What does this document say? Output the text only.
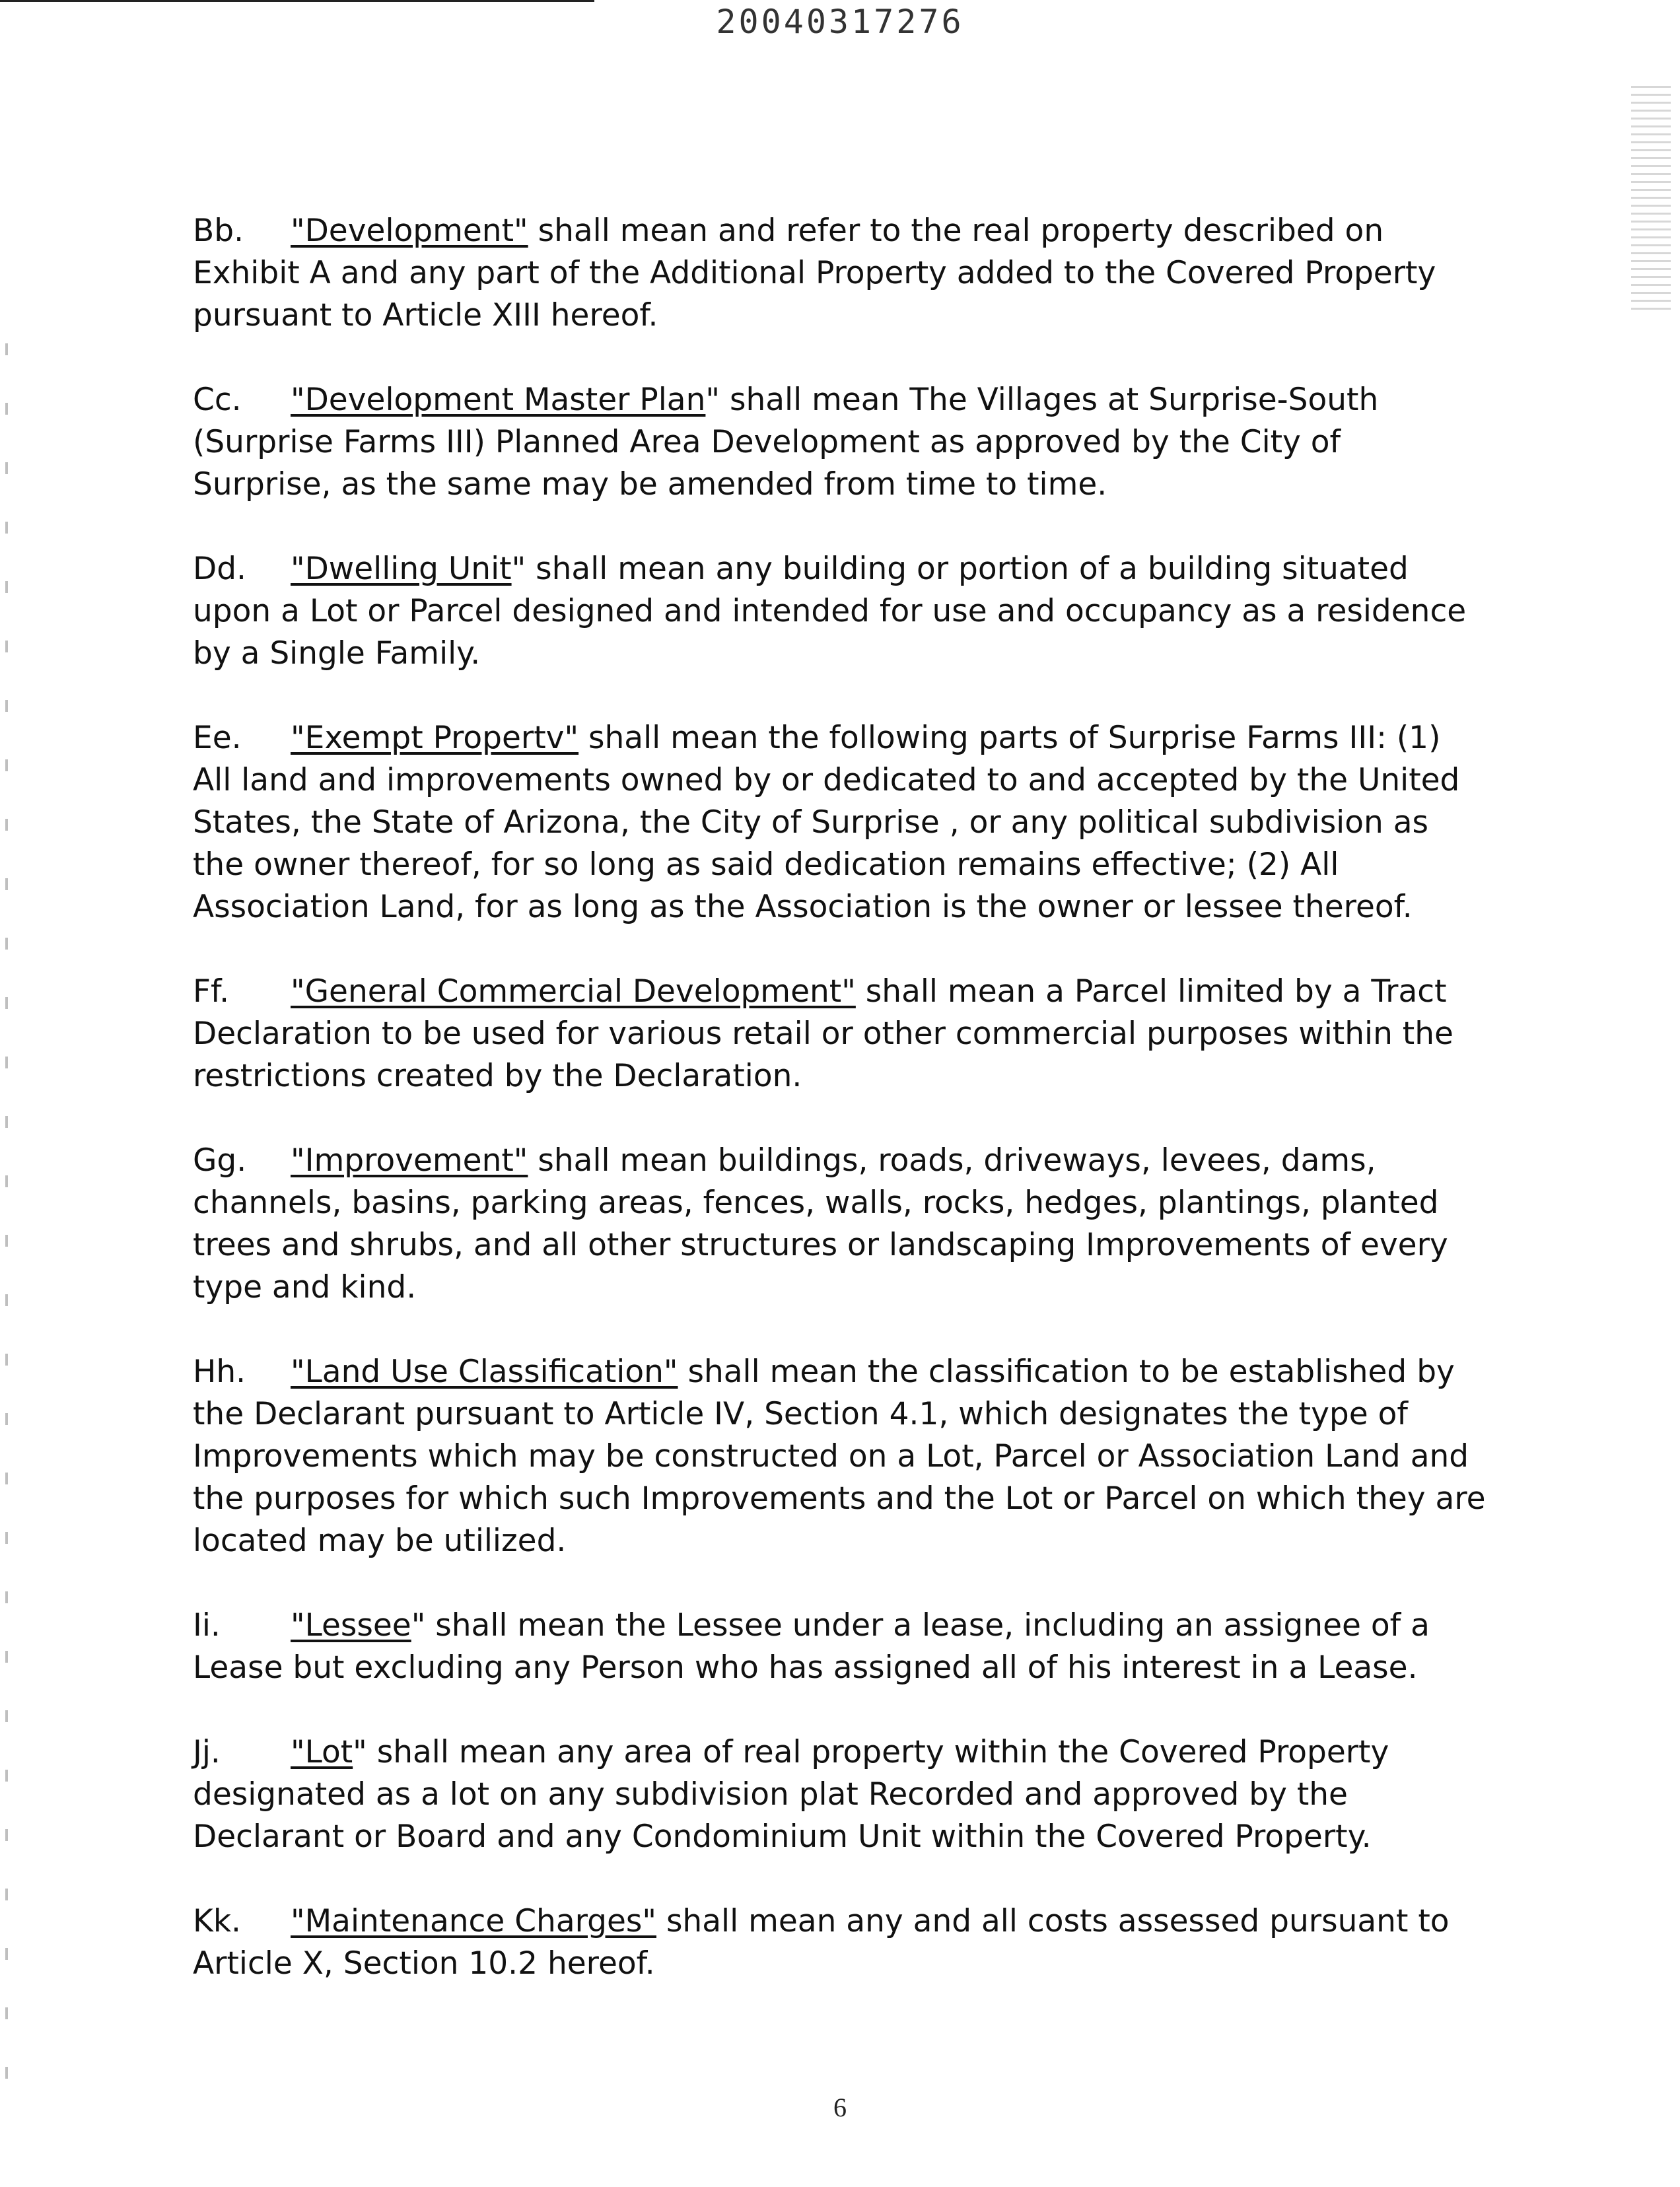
20040317276

Bb. "Development" shall mean and refer to the real property described on Exhibit A and any part of the Additional Property added to the Covered Property pursuant to Article XIII hereof.

Cc. "Development Master Plan" shall mean The Villages at Surprise-South (Surprise Farms III) Planned Area Development as approved by the City of Surprise, as the same may be amended from time to time.

Dd. "Dwelling Unit" shall mean any building or portion of a building situated upon a Lot or Parcel designed and intended for use and occupancy as a residence by a Single Family.

Ee. "Exempt Propertv" shall mean the following parts of Surprise Farms III: (1) All land and improvements owned by or dedicated to and accepted by the United States, the State of Arizona, the City of Surprise , or any political subdivision as the owner thereof, for so long as said dedication remains effective; (2) All Association Land, for as long as the Association is the owner or lessee thereof.

Ff. "General Commercial Development" shall mean a Parcel limited by a Tract Declaration to be used for various retail or other commercial purposes within the restrictions created by the Declaration.

Gg. "Improvement" shall mean buildings, roads, driveways, levees, dams, channels, basins, parking areas, fences, walls, rocks, hedges, plantings, planted trees and shrubs, and all other structures or landscaping Improvements of every type and kind.

Hh. "Land Use Classification" shall mean the classification to be established by the Declarant pursuant to Article IV, Section 4.1, which designates the type of Improvements which may be constructed on a Lot, Parcel or Association Land and the purposes for which such Improvements and the Lot or Parcel on which they are located may be utilized.

Ii. "Lessee" shall mean the Lessee under a lease, including an assignee of a Lease but excluding any Person who has assigned all of his interest in a Lease.

Jj. "Lot" shall mean any area of real property within the Covered Property designated as a lot on any subdivision plat Recorded and approved by the Declarant or Board and any Condominium Unit within the Covered Property.

Kk. "Maintenance Charges" shall mean any and all costs assessed pursuant to Article X, Section 10.2 hereof.

6
